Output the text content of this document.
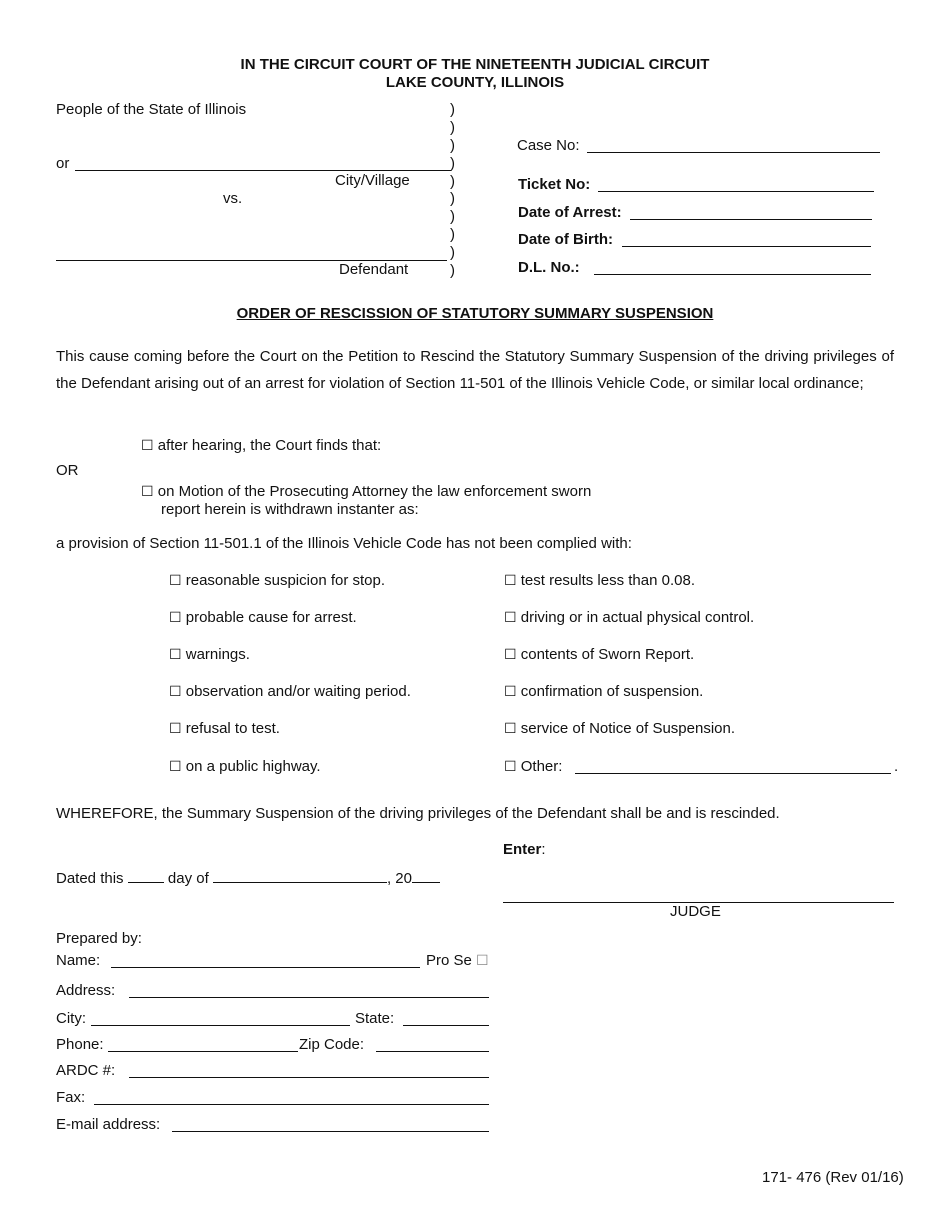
IN THE CIRCUIT COURT OF THE NINETEENTH JUDICIAL CIRCUIT
LAKE COUNTY, ILLINOIS
People of the State of Illinois
or
City/Village
vs.
Defendant
)
)
)
)
)
)
)
)
)
)
Case No:
Ticket No:
Date of Arrest:
Date of Birth:
D.L. No.:
ORDER OF RESCISSION OF STATUTORY SUMMARY SUSPENSION
This cause coming before the Court on the Petition to Rescind the Statutory Summary Suspension of the driving privileges of the Defendant arising out of an arrest for violation of Section 11-501 of the Illinois Vehicle Code, or similar local ordinance;
☐ after hearing, the Court finds that:
OR
☐ on Motion of the Prosecuting Attorney the law enforcement sworn
report herein is withdrawn instanter as:
a provision of Section 11-501.1 of the Illinois Vehicle Code has not been complied with:
☐ reasonable suspicion for stop.
☐ probable cause for arrest.
☐ warnings.
☐ observation and/or waiting period.
☐ refusal to test.
☐ on a public highway.
☐ test results less than 0.08.
☐ driving or in actual physical control.
☐ contents of Sworn Report.
☐ confirmation of suspension.
☐ service of Notice of Suspension.
☐ Other:	.
WHEREFORE, the Summary Suspension of the driving privileges of the Defendant shall be and is rescinded.
Enter:
Dated this	day of	, 20
JUDGE
Prepared by:
Name:	Pro Se ☐
Address:
City:	State:
Phone:	Zip Code:
ARDC #:
Fax:
E-mail address:
171- 476 (Rev 01/16)
